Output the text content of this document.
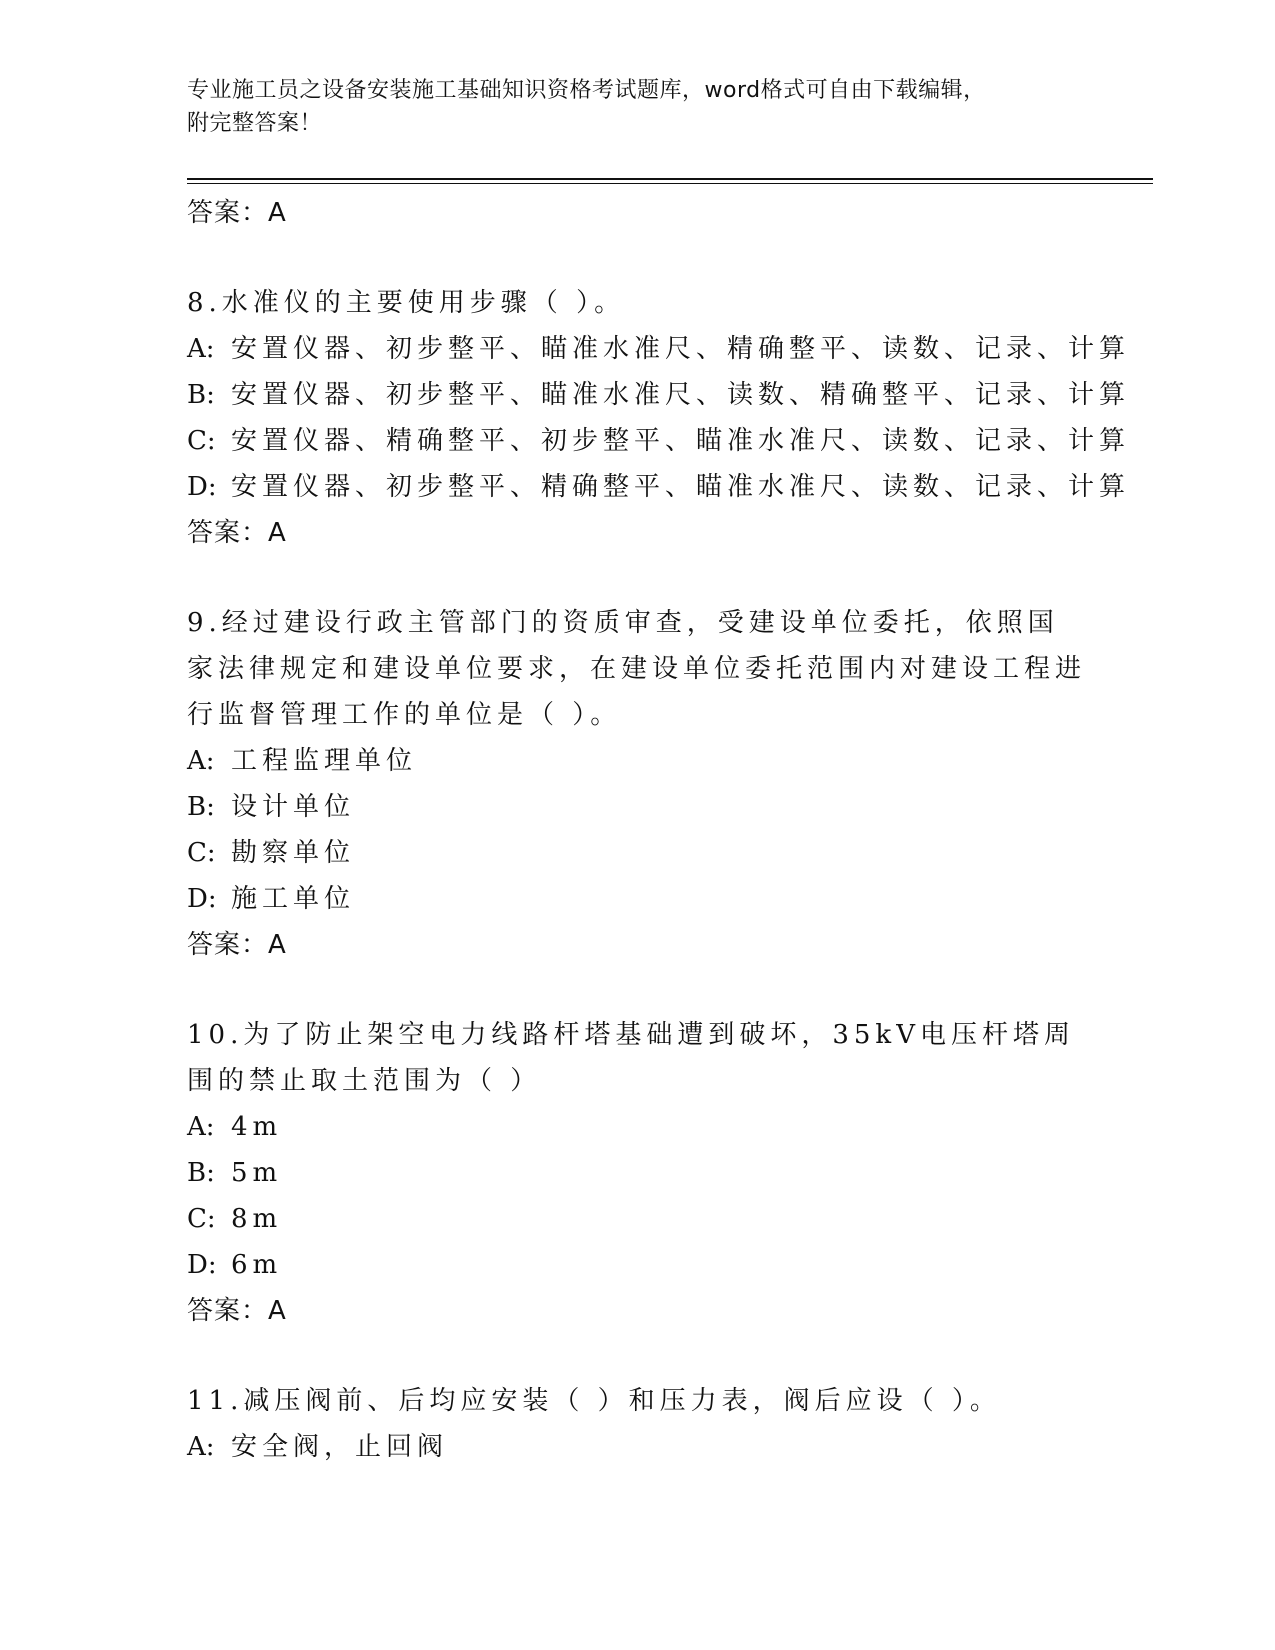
专业施工员之设备安装施工基础知识资格考试题库，word格式可自由下载编辑，
附完整答案！
答案：A
8.水准仪的主要使用步骤（ ）。
A: 安置仪器、初步整平、瞄准水准尺、精确整平、读数、记录、计算
B: 安置仪器、初步整平、瞄准水准尺、读数、精确整平、记录、计算
C: 安置仪器、精确整平、初步整平、瞄准水准尺、读数、记录、计算
D: 安置仪器、初步整平、精确整平、瞄准水准尺、读数、记录、计算
答案：A
9.经过建设行政主管部门的资质审查，受建设单位委托，依照国家法律规定和建设单位要求，在建设单位委托范围内对建设工程进行监督管理工作的单位是（ ）。
A: 工程监理单位
B: 设计单位
C: 勘察单位
D: 施工单位
答案：A
10.为了防止架空电力线路杆塔基础遭到破坏，35kV电压杆塔周围的禁止取土范围为（ ）
A: 4m
B: 5m
C: 8m
D: 6m
答案：A
11.减压阀前、后均应安装（ ）和压力表，阀后应设（ ）。
A: 安全阀，止回阀
